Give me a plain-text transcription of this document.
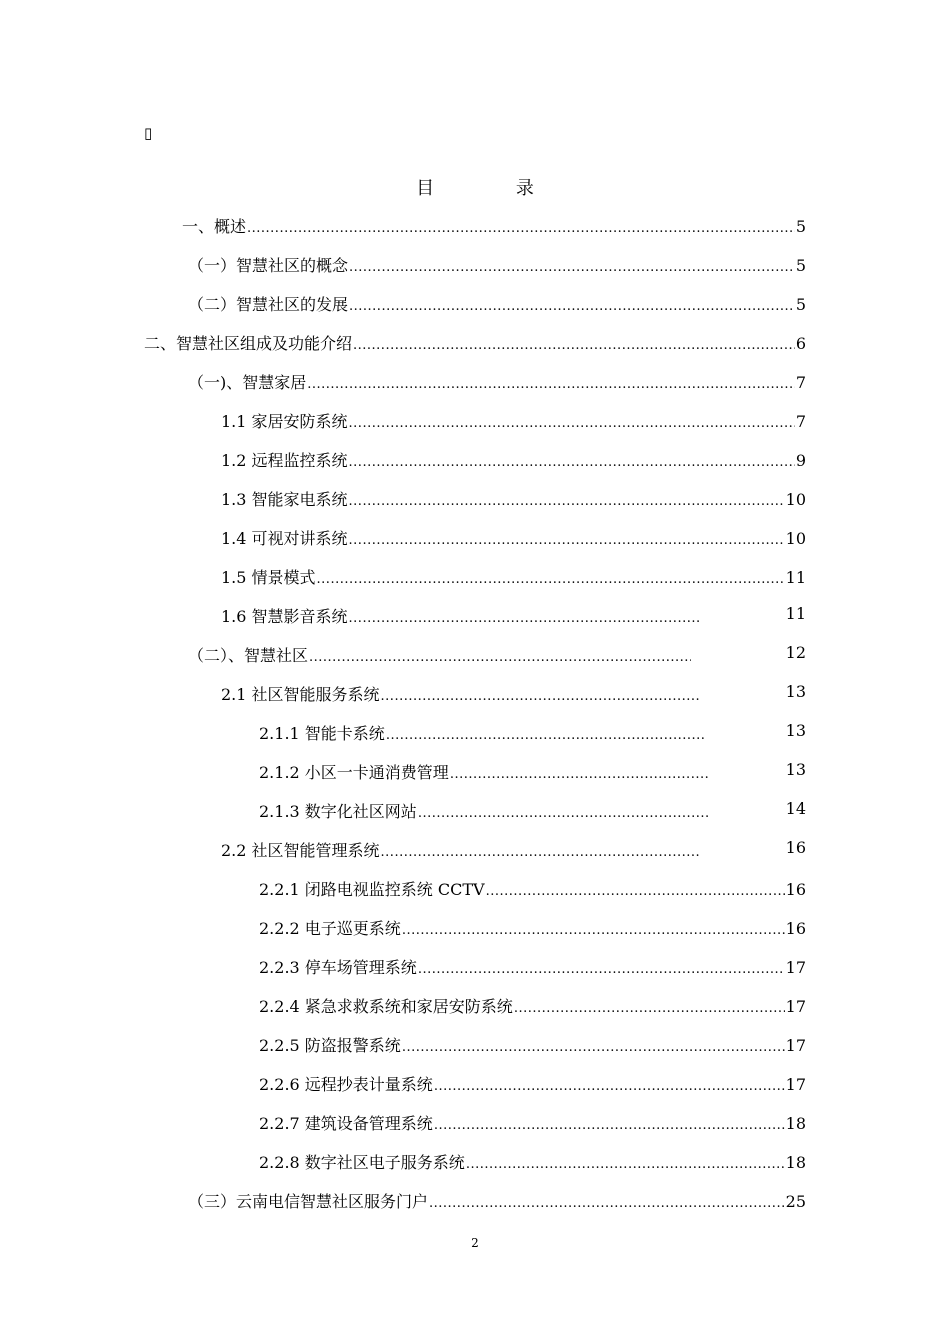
▯
目 录
一、概述 .....	5
（一）智慧社区的概念 .....	5
（二）智慧社区的发展 .....	5
二、智慧社区组成及功能介绍 .....	6
（一)、智慧家居 .....	7
1.1 家居安防系统 .....	7
1.2 远程监控系统 .....	9
1.3 智能家电系统 .....	10
1.4 可视对讲系统 .....	10
1.5 情景模式 .....	11
1.6 智慧影音系统 .....	11
（二）、智慧社区 .....	12
2.1 社区智能服务系统 .....	13
2.1.1 智能卡系统 .....	13
2.1.2 小区一卡通消费管理 .....	13
2.1.3 数字化社区网站 .....	14
2.2 社区智能管理系统 .....	16
2.2.1 闭路电视监控系统 CCTV .....	16
2.2.2 电子巡更系统 .....	16
2.2.3 停车场管理系统 .....	17
2.2.4 紧急求救系统和家居安防系统 .....	17
2.2.5 防盗报警系统 .....	17
2.2.6 远程抄表计量系统 .....	17
2.2.7 建筑设备管理系统 .....	18
2.2.8 数字社区电子服务系统 .....	18
（三）云南电信智慧社区服务门户 .....	25
2
